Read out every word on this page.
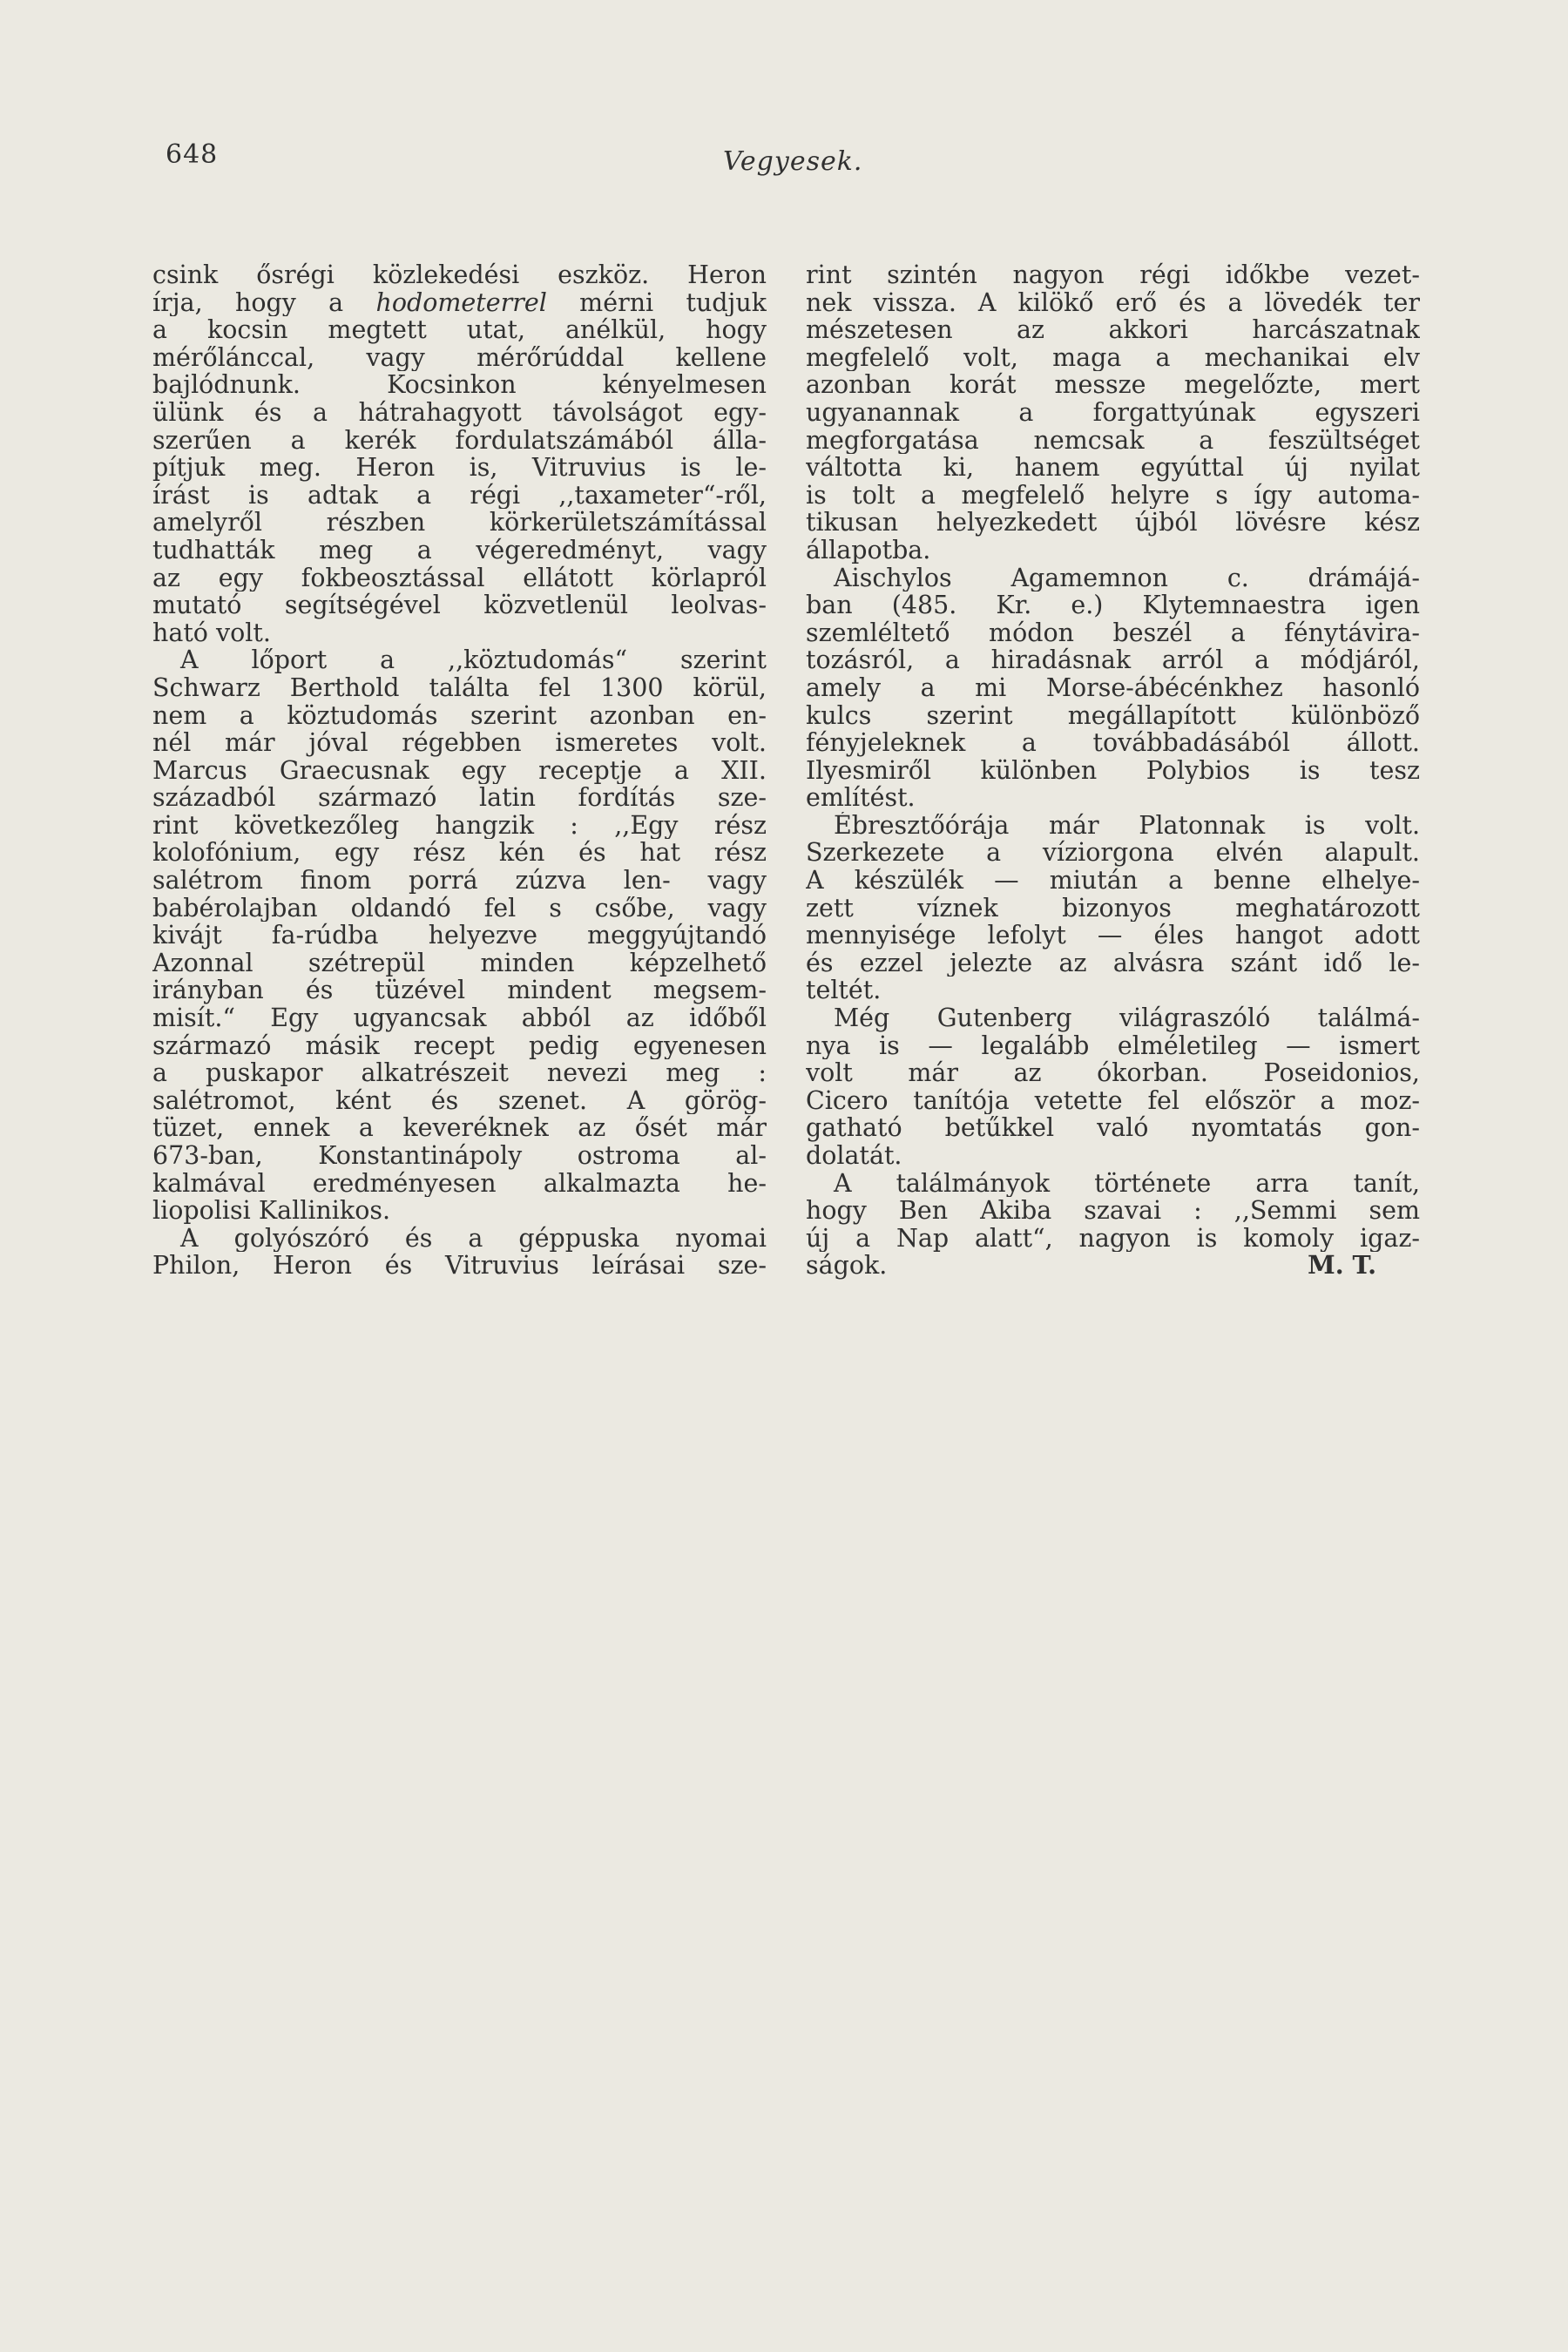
648	Vegyesek.
csink ősrégi közlekedési eszköz. Heron
írja, hogy a hodometerrel mérni tudjuk
a kocsin megtett utat, anélkül, hogy
mérőlánccal, vagy mérőrúddal kellene
bajlódnunk. Kocsinkon kényelmesen
ülünk és a hátrahagyott távolságot egy-
szerűen a kerék fordulatszámából álla-
pítjuk meg. Heron is, Vitruvius is le-
írást is adtak a régi ,,taxameter“-ről,
amelyről részben körkerületszámítással
tudhatták meg a végeredményt, vagy
az egy fokbeosztással ellátott körlapról
mutató segítségével közvetlenül leolvas-
ható volt.
A lőport a ,,köztudomás“ szerint
Schwarz Berthold találta fel 1300 körül,
nem a köztudomás szerint azonban en-
nél már jóval régebben ismeretes volt.
Marcus Graecusnak egy receptje a XII.
századból származó latin fordítás sze-
rint következőleg hangzik : ,,Egy rész
kolofónium, egy rész kén és hat rész
salétrom finom porrá zúzva len- vagy
babérolajban oldandó fel s csőbe, vagy
kivájt fa-rúdba helyezve meggyújtandó
Azonnal szétrepül minden képzelhető
irányban és tüzével mindent megsem-
misít.“ Egy ugyancsak abból az időből
származó másik recept pedig egyenesen
a puskapor alkatrészeit nevezi meg :
salétromot, ként és szenet. A görög-
tüzet, ennek a keveréknek az ősét már
673-ban, Konstantinápoly ostroma al-
kalmával eredményesen alkalmazta he-
liopolisi Kallinikos.
A golyószóró és a géppuska nyomai
Philon, Heron és Vitruvius leírásai sze-
rint szintén nagyon régi időkbe vezet-
nek vissza. A kilökő erő és a lövedék ter
mészetesen az akkori harcászatnak
megfelelő volt, maga a mechanikai elv
azonban korát messze megelőzte, mert
ugyanannak a forgattyúnak egyszeri
megforgatása nemcsak a feszültséget
váltotta ki, hanem egyúttal új nyilat
is tolt a megfelelő helyre s így automa-
tikusan helyezkedett újból lövésre kész
állapotba.
Aischylos Agamemnon c. drámájá-
ban (485. Kr. e.) Klytemnaestra igen
szemléltető módon beszél a fénytávira-
tozásról, a hiradásnak arról a módjáról,
amely a mi Morse-ábécénkhez hasonló
kulcs szerint megállapított különböző
fényjeleknek a továbbadásából állott.
Ilyesmiről különben Polybios is tesz
említést.
Ébresztőórája már Platonnak is volt.
Szerkezete a víziorgona elvén alapult.
A készülék — miután a benne elhelye-
zett víznek bizonyos meghatározott
mennyisége lefolyt — éles hangot adott
és ezzel jelezte az alvásra szánt idő le-
teltét.
Még Gutenberg világraszóló találmá-
nya is — legalább elméletileg — ismert
volt már az ókorban. Poseidonios,
Cicero tanítója vetette fel először a moz-
gatható betűkkel való nyomtatás gon-
dolatát.
A találmányok története arra tanít,
hogy Ben Akiba szavai : ,,Semmi sem
új a Nap alatt“, nagyon is komoly igaz-
ságok.	M. T.
